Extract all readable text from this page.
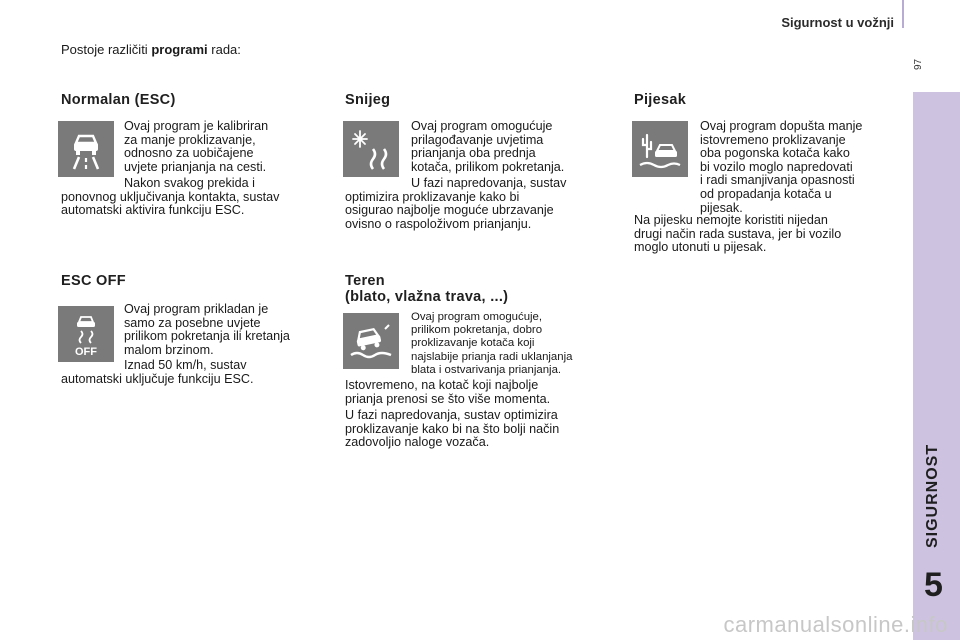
Sigurnost u vožnji
97
SIGURNOST
5
Postoje različiti programi rada:
Normalan (ESC)

Ovaj program je kalibriran

za manje proklizavanje,

odnosno za uobičajene

uvjete prianjanja na cesti.

Nakon svakog prekida i

ponovnog uključivanja kontakta, sustav

automatski aktivira funkciju ESC.

ESC OFF
OFF

Ovaj program prikladan je

samo za posebne uvjete

prilikom pokretanja ili kretanja

malom brzinom.

Iznad 50 km/h, sustav

automatski uključuje funkciju ESC.

Snijeg

Ovaj program omogućuje

prilagođavanje uvjetima

prianjanja oba prednja

kotača, prilikom pokretanja.

U fazi napredovanja, sustav

optimizira proklizavanje kako bi

osigurao najbolje moguće ubrzavanje

ovisno o raspoloživom prianjanju.

Teren
(blato, vlažna trava, ...)

Ovaj program omogućuje,

prilikom pokretanja, dobro

proklizavanje kotača koji

najslabije prianja radi uklanjanja

blata i ostvarivanja prianjanja.

Istovremeno, na kotač koji najbolje

prianja prenosi se što više momenta.

U fazi napredovanja, sustav optimizira

proklizavanje kako bi na što bolji način

zadovoljio naloge vozača.

Pijesak

Ovaj program dopušta manje

istovremeno proklizavanje

oba pogonska kotača kako

bi vozilo moglo napredovati

i radi smanjivanja opasnosti

od propadanja kotača u

pijesak.

Na pijesku nemojte koristiti nijedan

drugi način rada sustava, jer bi vozilo

moglo utonuti u pijesak.

carmanualsonline.info
